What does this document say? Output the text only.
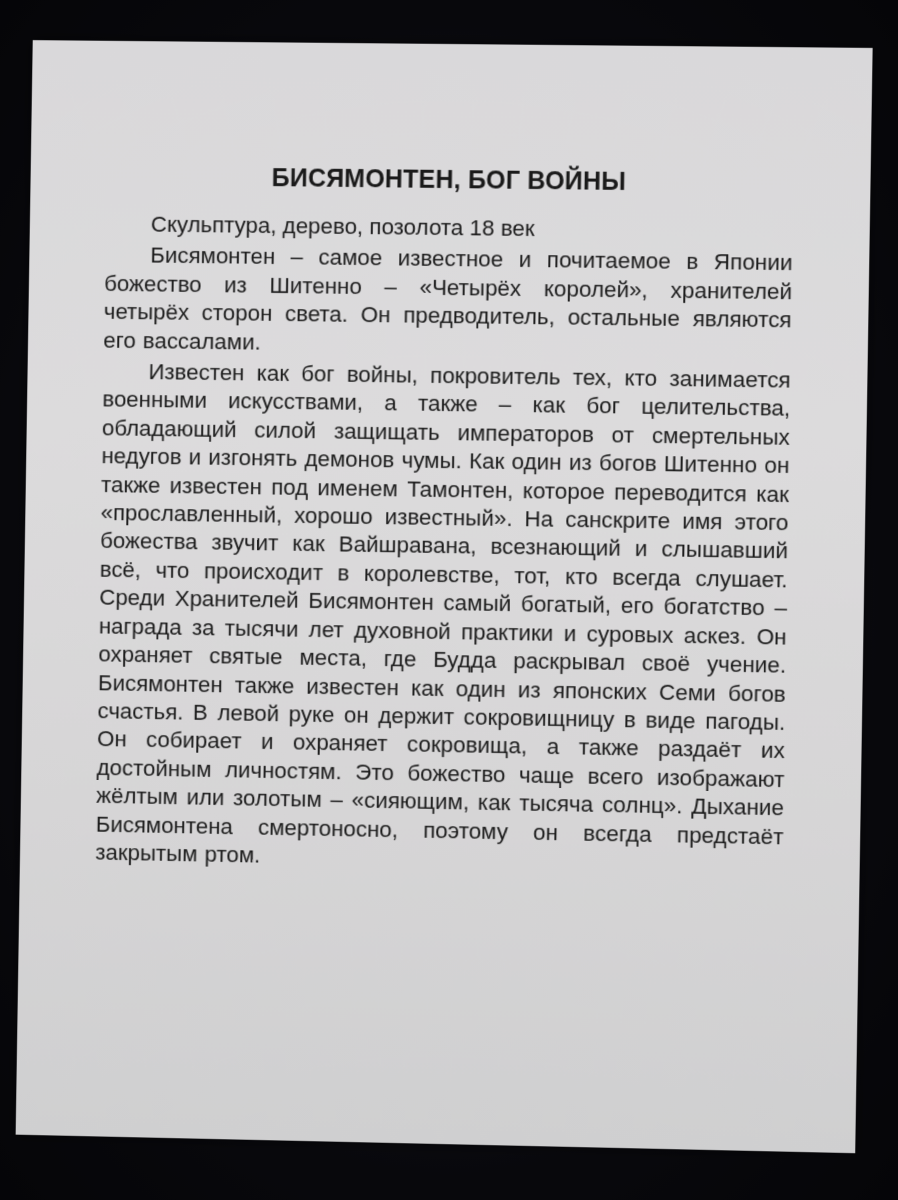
БИСЯМОНТЕН, БОГ ВОЙНЫ

Скульптура, дерево, позолота 18 век

Бисямонтен – самое известное и почитаемое в Японии божество из Шитенно – «Четырёх королей», хранителей четырёх сторон света. Он предводитель, остальные являются его вассалами.

Известен как бог войны, покровитель тех, кто занимается военными искусствами, а также – как бог целительства, обладающий силой защищать императоров от смертельных недугов и изгонять демонов чумы. Как один из богов Шитенно он также известен под именем Тамонтен, которое переводится как «прославленный, хорошо известный». На санскрите имя этого божества звучит как Вайшравана, всезнающий и слышавший всё, что происходит в королевстве, тот, кто всегда слушает. Среди Хранителей Бисямонтен самый богатый, его богатство – награда за тысячи лет духовной практики и суровых аскез. Он охраняет святые места, где Будда раскрывал своё учение. Бисямонтен также известен как один из японских Семи богов счастья. В левой руке он держит сокровищницу в виде пагоды. Он собирает и охраняет сокровища, а также раздаёт их достойным личностям. Это божество чаще всего изображают жёлтым или золотым – «сияющим, как тысяча солнц». Дыхание Бисямонтена смертоносно, поэтому он всегда предстаёт закрытым ртом.
